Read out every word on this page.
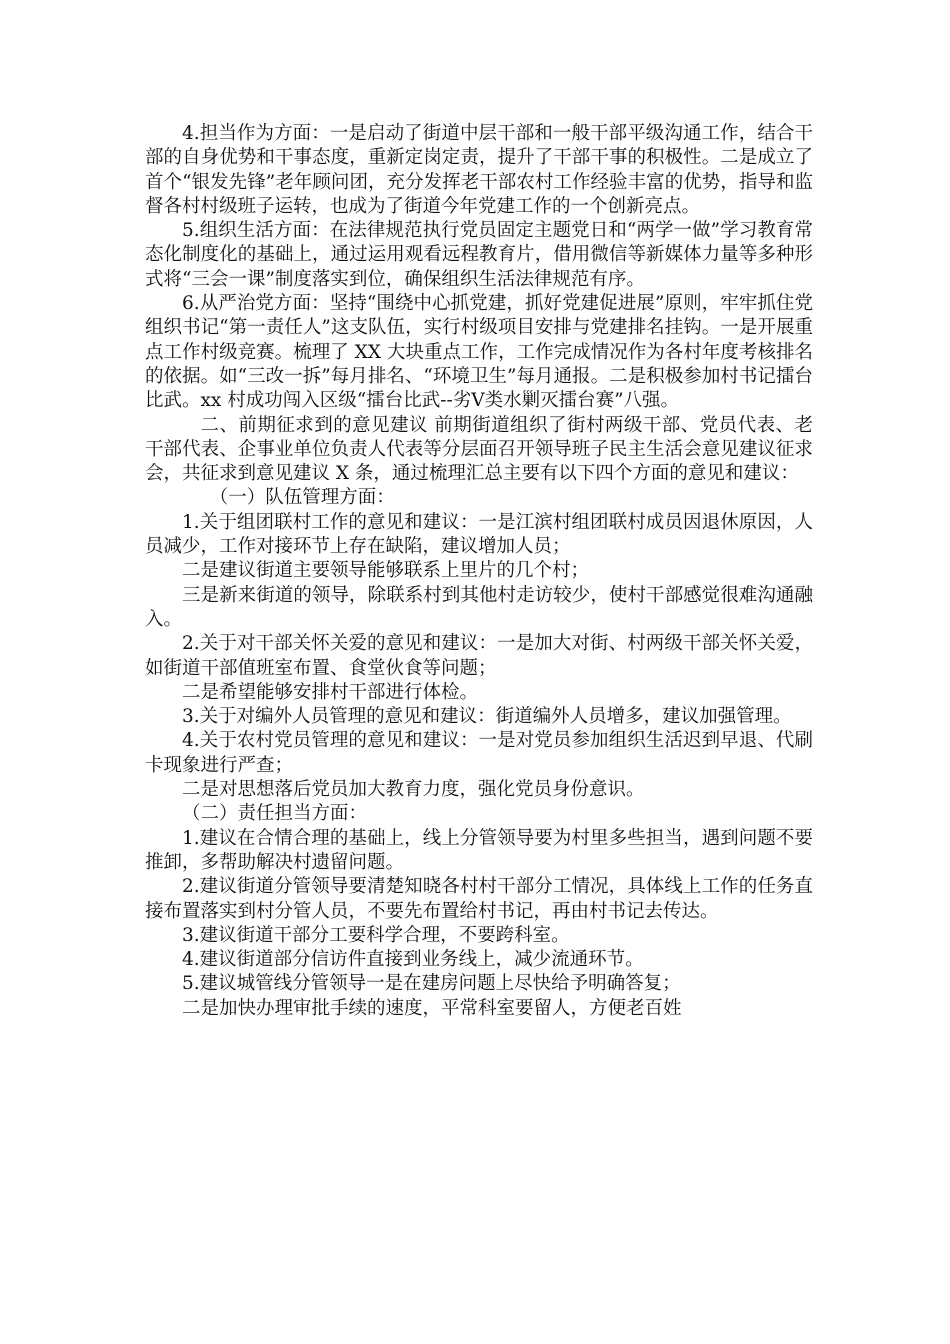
4.担当作为方面：一是启动了街道中层干部和一般干部平级沟通工作，结合干部的自身优势和干事态度，重新定岗定责，提升了干部干事的积极性。二是成立了首个“银发先锋”老年顾问团，充分发挥老干部农村工作经验丰富的优势，指导和监督各村村级班子运转，也成为了街道今年党建工作的一个创新亮点。

5.组织生活方面：在法律规范执行党员固定主题党日和“两学一做”学习教育常态化制度化的基础上，通过运用观看远程教育片，借用微信等新媒体力量等多种形式将“三会一课”制度落实到位，确保组织生活法律规范有序。

6.从严治党方面：坚持“围绕中心抓党建，抓好党建促进展”原则，牢牢抓住党组织书记“第一责任人”这支队伍，实行村级项目安排与党建排名挂钩。一是开展重点工作村级竞赛。梳理了 XX 大块重点工作，工作完成情况作为各村年度考核排名的依据。如“三改一拆”每月排名、“环境卫生”每月通报。二是积极参加村书记擂台比武。xx 村成功闯入区级“擂台比武--劣Ⅴ类水剿灭擂台赛”八强。

二、前期征求到的意见建议 前期街道组织了街村两级干部、党员代表、老干部代表、企事业单位负责人代表等分层面召开领导班子民主生活会意见建议征求会，共征求到意见建议 X 条，通过梳理汇总主要有以下四个方面的意见和建议：

（一）队伍管理方面：

1.关于组团联村工作的意见和建议：一是江滨村组团联村成员因退休原因，人员减少，工作对接环节上存在缺陷，建议增加人员；

二是建议街道主要领导能够联系上里片的几个村；

三是新来街道的领导，除联系村到其他村走访较少，使村干部感觉很难沟通融入。

2.关于对干部关怀关爱的意见和建议：一是加大对街、村两级干部关怀关爱，如街道干部值班室布置、食堂伙食等问题；

二是希望能够安排村干部进行体检。

3.关于对编外人员管理的意见和建议：街道编外人员增多，建议加强管理。

4.关于农村党员管理的意见和建议：一是对党员参加组织生活迟到早退、代刷卡现象进行严查；

二是对思想落后党员加大教育力度，强化党员身份意识。

（二）责任担当方面：

1.建议在合情合理的基础上，线上分管领导要为村里多些担当，遇到问题不要推卸，多帮助解决村遗留问题。

2.建议街道分管领导要清楚知晓各村村干部分工情况，具体线上工作的任务直接布置落实到村分管人员，不要先布置给村书记，再由村书记去传达。

3.建议街道干部分工要科学合理，不要跨科室。

4.建议街道部分信访件直接到业务线上，减少流通环节。

5.建议城管线分管领导一是在建房问题上尽快给予明确答复；

二是加快办理审批手续的速度，平常科室要留人，方便老百姓
